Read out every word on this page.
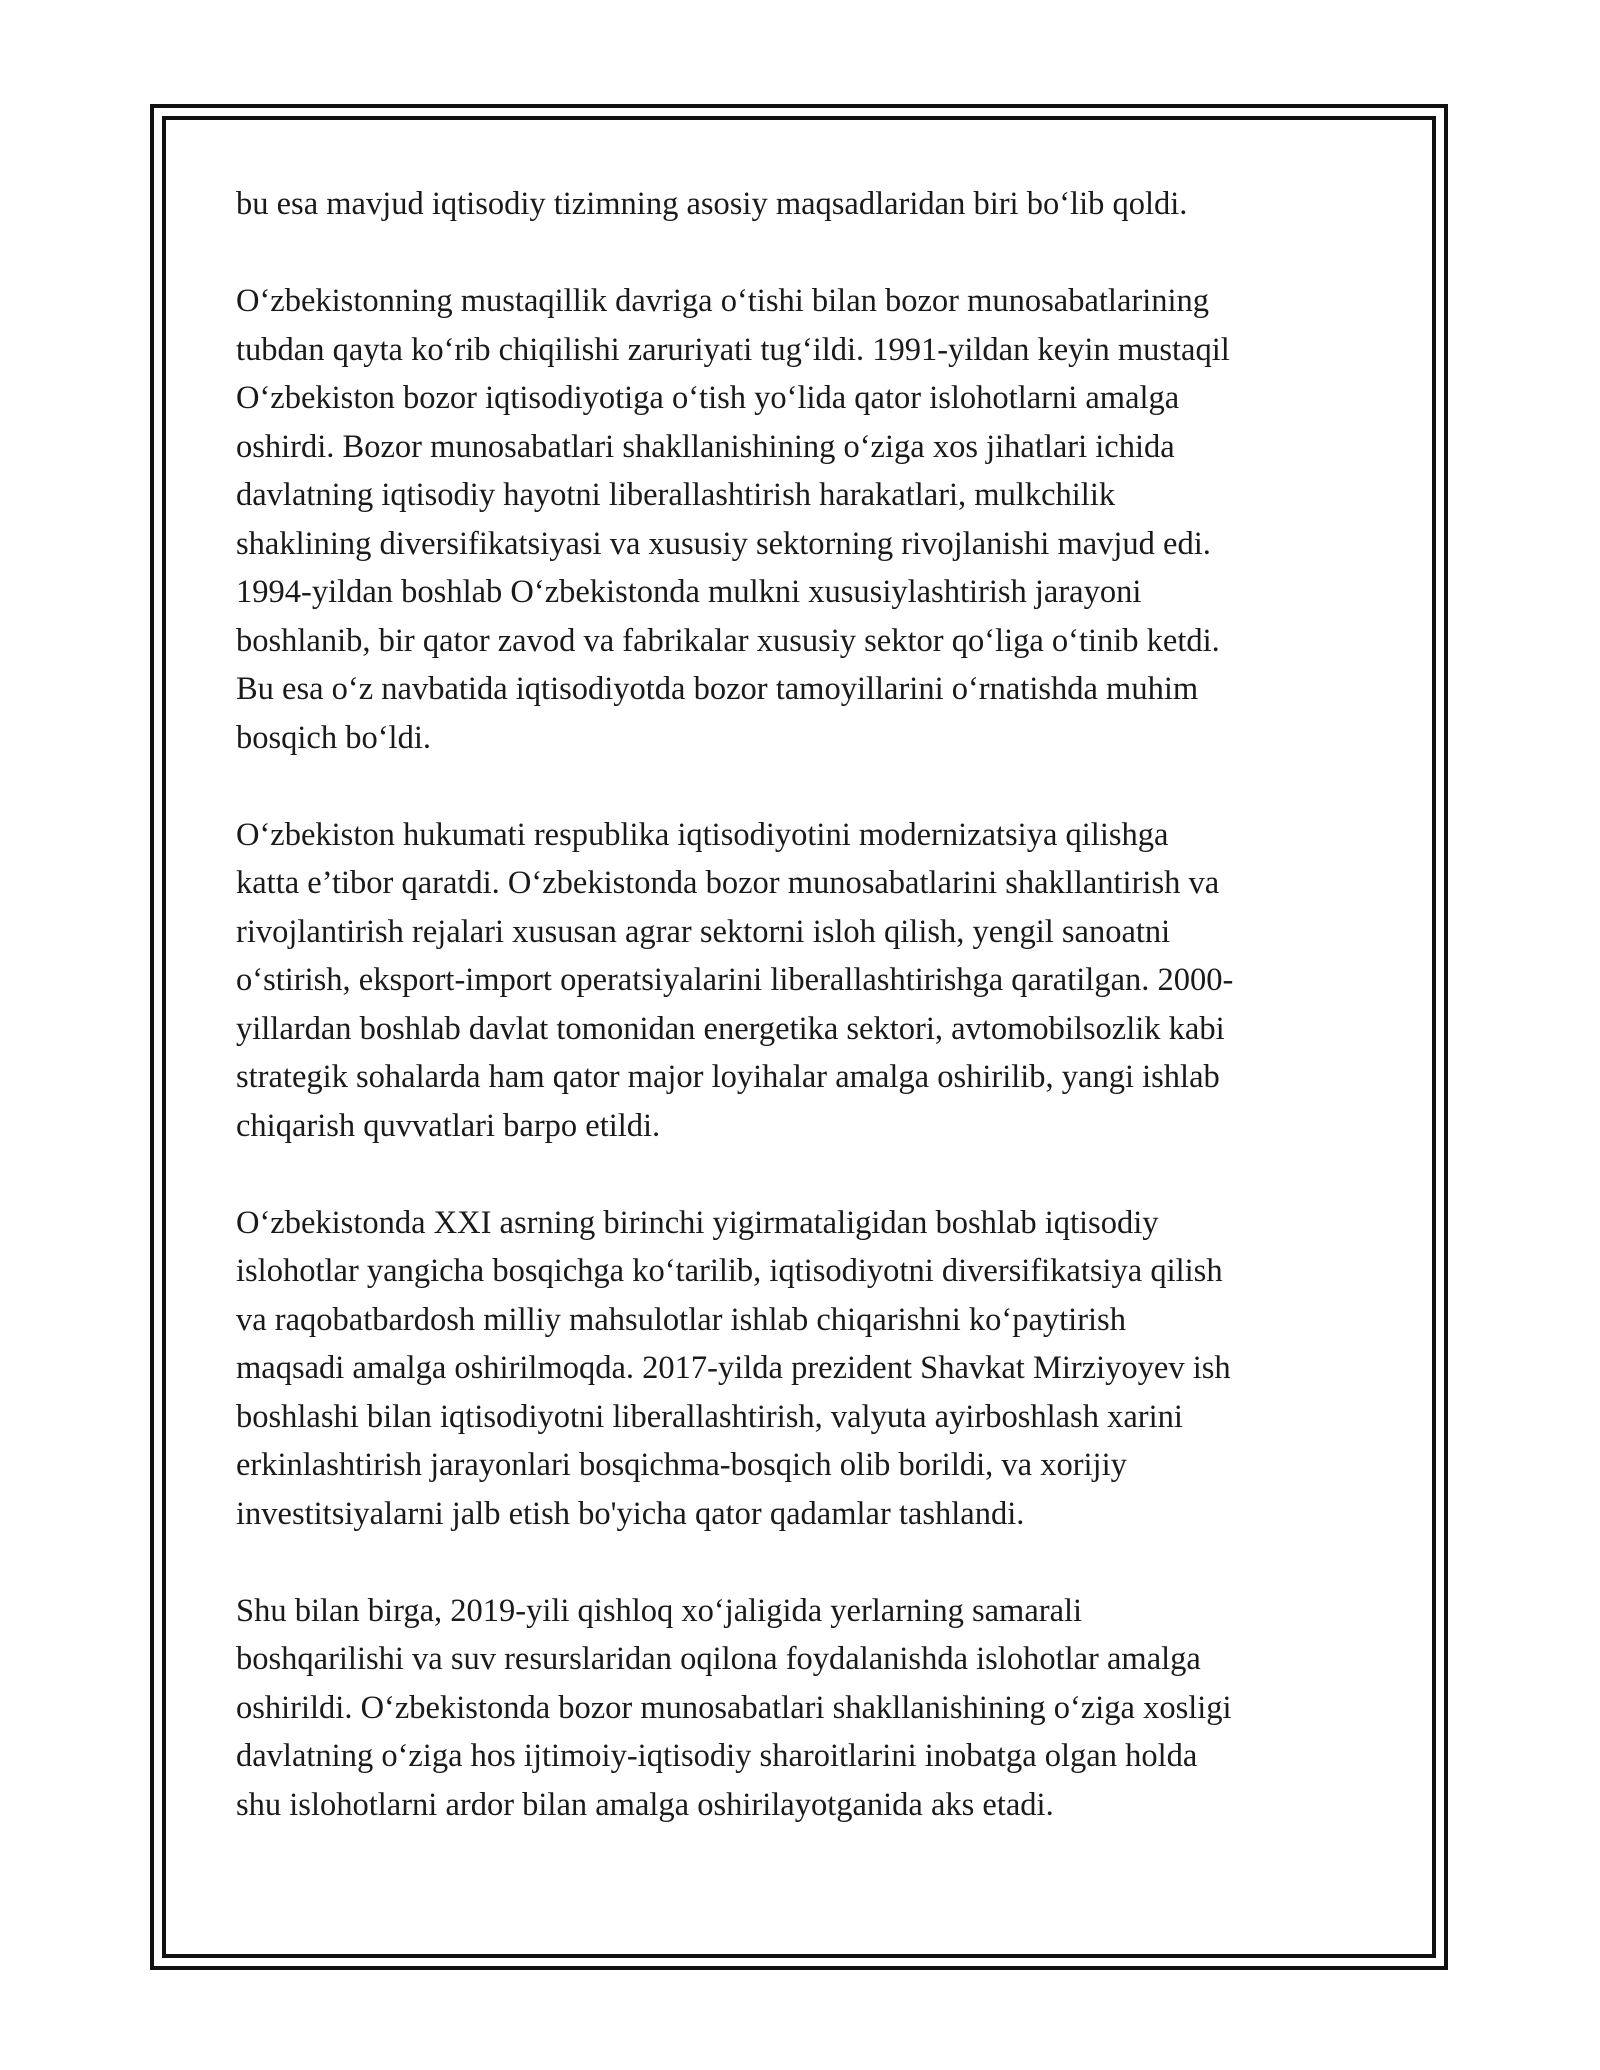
bu esa mavjud iqtisodiy tizimning asosiy maqsadlaridan biri bo‘lib qoldi.

O‘zbekistonning mustaqillik davriga o‘tishi bilan bozor munosabatlarining
tubdan qayta ko‘rib chiqilishi zaruriyati tug‘ildi. 1991-yildan keyin mustaqil
O‘zbekiston bozor iqtisodiyotiga o‘tish yo‘lida qator islohotlarni amalga
oshirdi. Bozor munosabatlari shakllanishining o‘ziga xos jihatlari ichida
davlatning iqtisodiy hayotni liberallashtirish harakatlari, mulkchilik
shaklining diversifikatsiyasi va xususiy sektorning rivojlanishi mavjud edi.
1994-yildan boshlab O‘zbekistonda mulkni xususiylashtirish jarayoni
boshlanib, bir qator zavod va fabrikalar xususiy sektor qo‘liga o‘tinib ketdi.
Bu esa o‘z navbatida iqtisodiyotda bozor tamoyillarini o‘rnatishda muhim
bosqich bo‘ldi.

O‘zbekiston hukumati respublika iqtisodiyotini modernizatsiya qilishga
katta e’tibor qaratdi. O‘zbekistonda bozor munosabatlarini shakllantirish va
rivojlantirish rejalari xususan agrar sektorni isloh qilish, yengil sanoatni
o‘stirish, eksport-import operatsiyalarini liberallashtirishga qaratilgan. 2000-
yillardan boshlab davlat tomonidan energetika sektori, avtomobilsozlik kabi
strategik sohalarda ham qator major loyihalar amalga oshirilib, yangi ishlab
chiqarish quvvatlari barpo etildi.

O‘zbekistonda XXI asrning birinchi yigirmataligidan boshlab iqtisodiy
islohotlar yangicha bosqichga ko‘tarilib, iqtisodiyotni diversifikatsiya qilish
va raqobatbardosh milliy mahsulotlar ishlab chiqarishni ko‘paytirish
maqsadi amalga oshirilmoqda. 2017-yilda prezident Shavkat Mirziyoyev ish
boshlashi bilan iqtisodiyotni liberallashtirish, valyuta ayirboshlash xarini
erkinlashtirish jarayonlari bosqichma-bosqich olib borildi, va xorijiy
investitsiyalarni jalb etish bo'yicha qator qadamlar tashlandi.

Shu bilan birga, 2019-yili qishloq xo‘jaligida yerlarning samarali
boshqarilishi va suv resurslaridan oqilona foydalanishda islohotlar amalga
oshirildi. O‘zbekistonda bozor munosabatlari shakllanishining o‘ziga xosligi
davlatning o‘ziga hos ijtimoiy-iqtisodiy sharoitlarini inobatga olgan holda
shu islohotlarni ardor bilan amalga oshirilayotganida aks etadi.
